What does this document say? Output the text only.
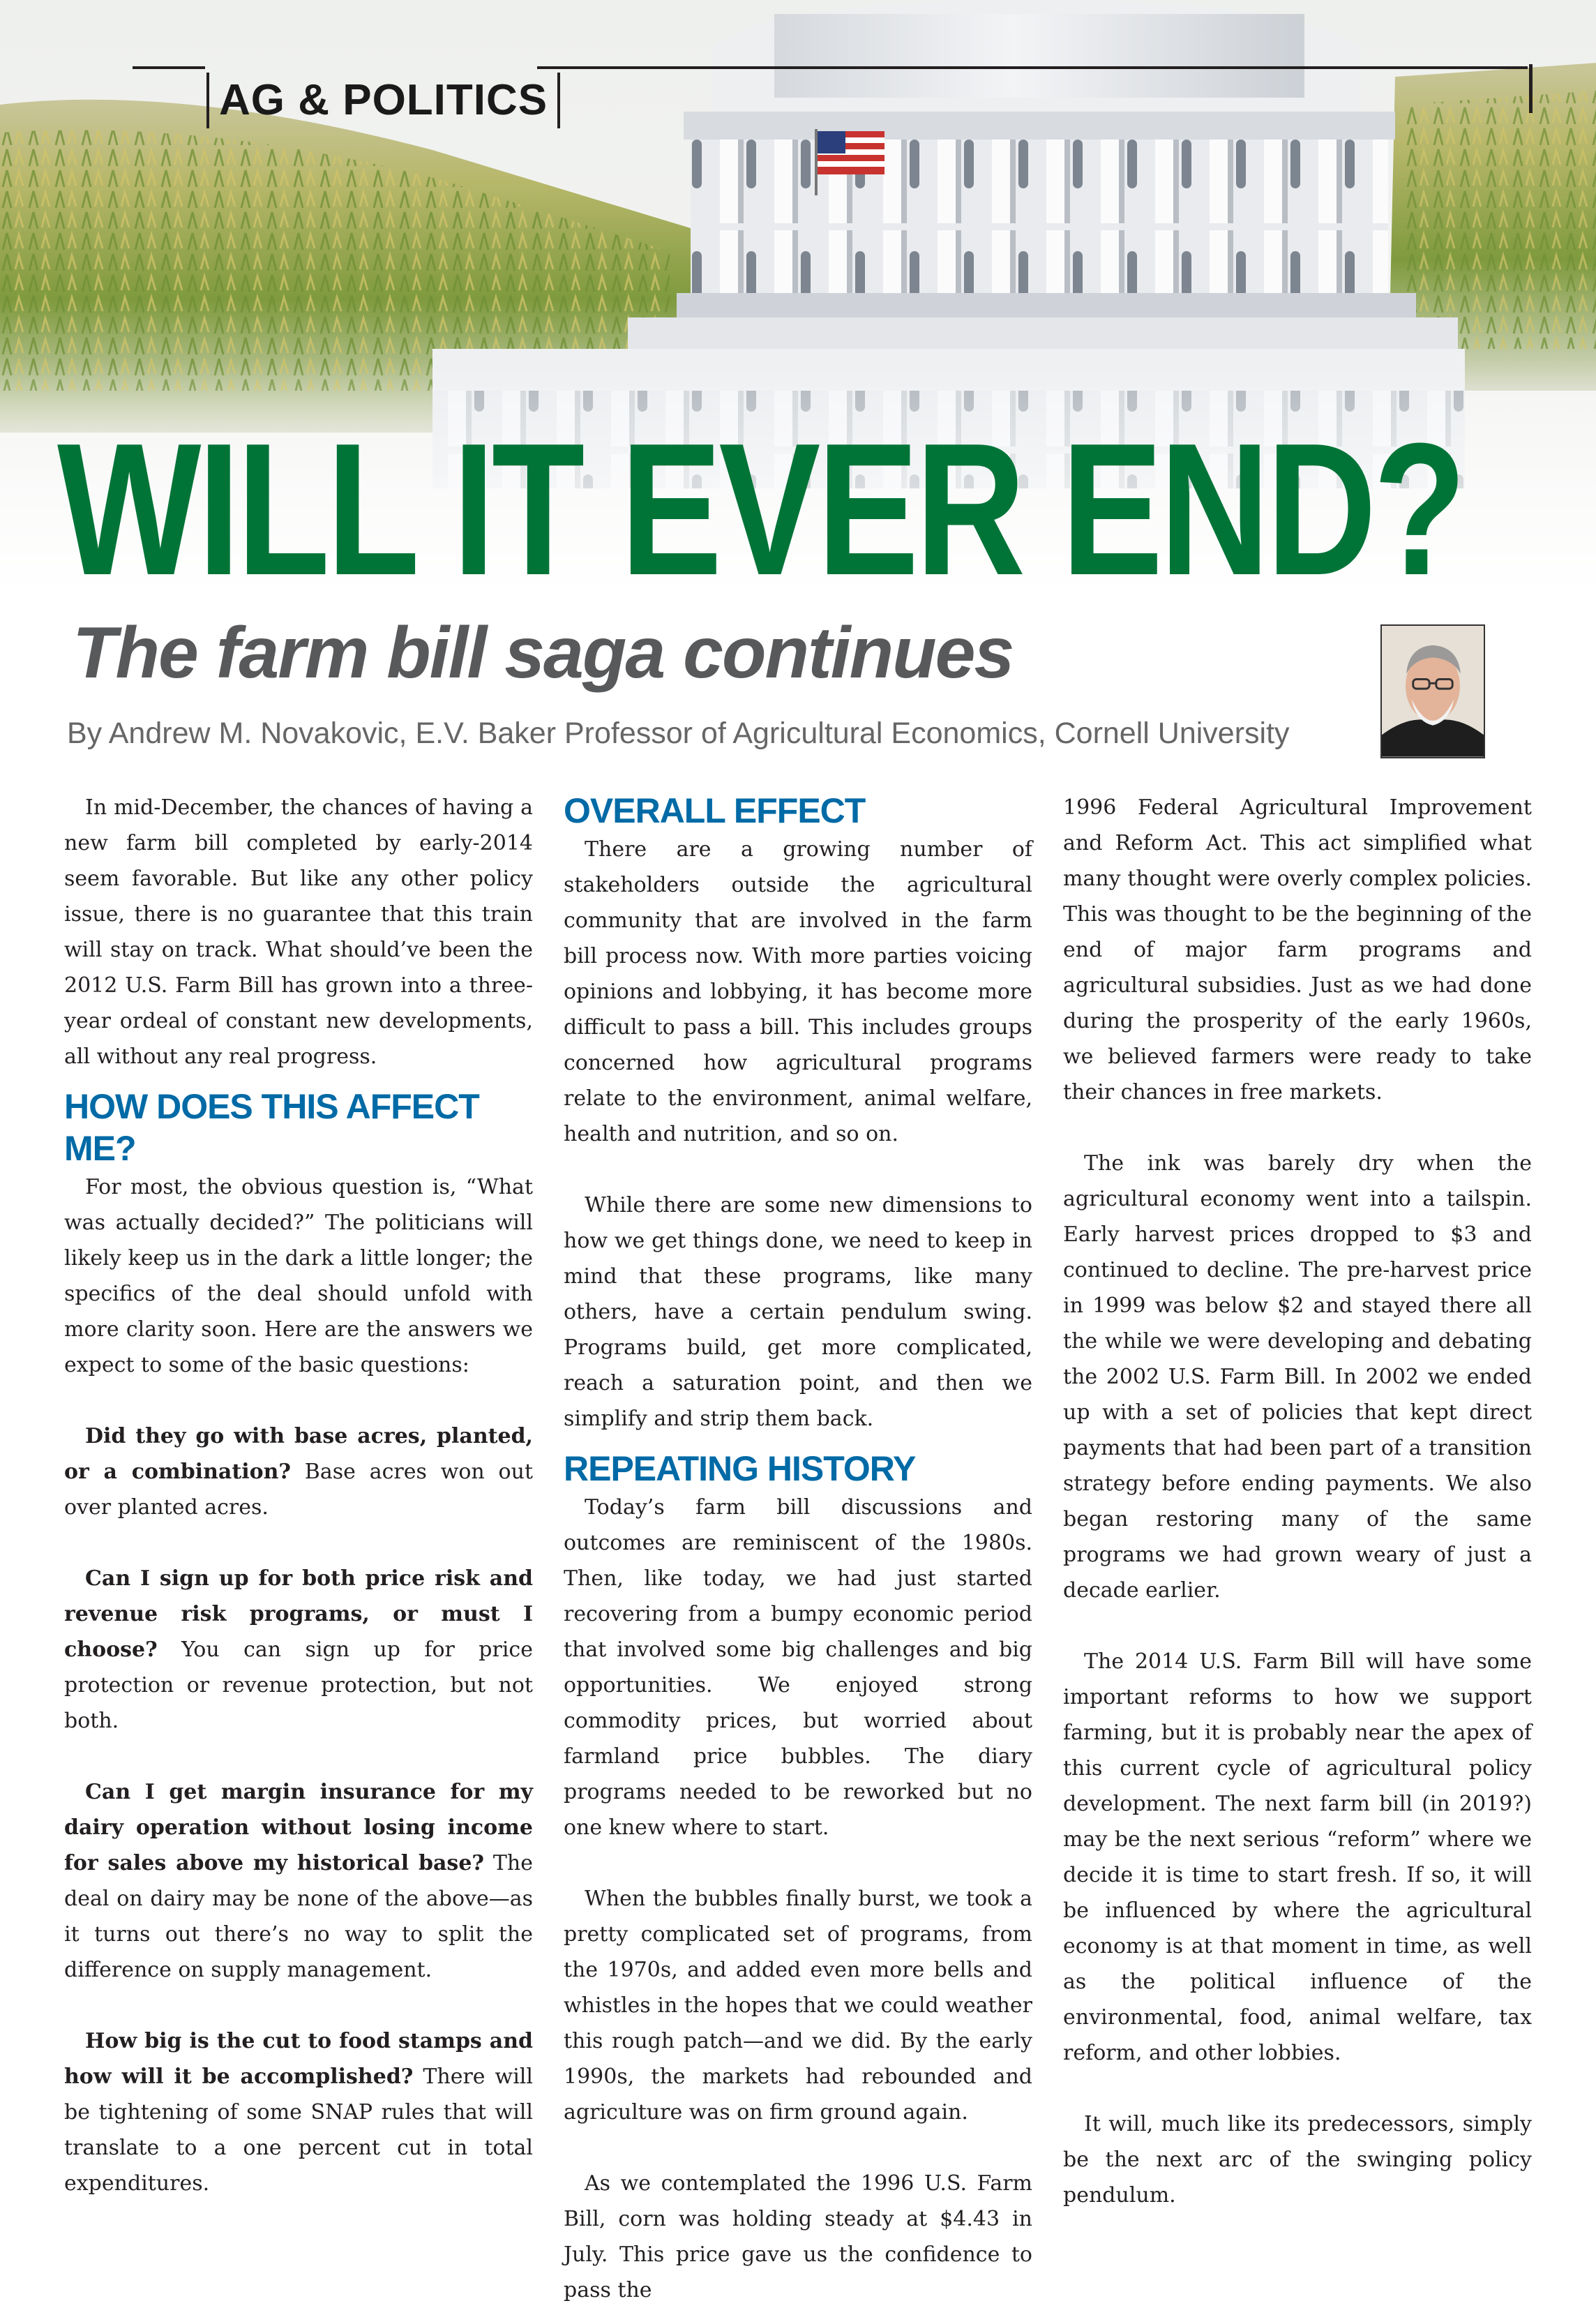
AG & POLITICS
WILL IT EVER END?
The farm bill saga continues

By Andrew M. Novakovic, E.V. Baker Professor of Agricultural Economics, Cornell University

In mid-December, the chances of having a new farm bill completed by early-2014 seem favorable. But like any other policy issue, there is no guarantee that this train will stay on track. What should’ve been the 2012 U.S. Farm Bill has grown into a three-year ordeal of constant new developments, all without any real progress.

HOW DOES THIS AFFECT ME?

For most, the obvious question is, “What was actually decided?” The politicians will likely keep us in the dark a little longer; the specifics of the deal should unfold with more clarity soon. Here are the answers we expect to some of the basic questions:

Did they go with base acres, planted, or a combination? Base acres won out over planted acres.

Can I sign up for both price risk and revenue risk programs, or must I choose? You can sign up for price protection or revenue protection, but not both.

Can I get margin insurance for my dairy operation without losing income for sales above my historical base? The deal on dairy may be none of the above—as it turns out there’s no way to split the difference on supply management.

How big is the cut to food stamps and how will it be accomplished? There will be tightening of some SNAP rules that will translate to a one percent cut in total expenditures.

OVERALL EFFECT

There are a growing number of stakeholders outside the agricultural community that are involved in the farm bill process now. With more parties voicing opinions and lobbying, it has become more difficult to pass a bill. This includes groups concerned how agricultural programs relate to the environment, animal welfare, health and nutrition, and so on.

While there are some new dimensions to how we get things done, we need to keep in mind that these programs, like many others, have a certain pendulum swing. Programs build, get more complicated, reach a saturation point, and then we simplify and strip them back.

REPEATING HISTORY

Today’s farm bill discussions and outcomes are reminiscent of the 1980s. Then, like today, we had just started recovering from a bumpy economic period that involved some big challenges and big opportunities. We enjoyed strong commodity prices, but worried about farmland price bubbles. The diary programs needed to be reworked but no one knew where to start.

When the bubbles finally burst, we took a pretty complicated set of programs, from the 1970s, and added even more bells and whistles in the hopes that we could weather this rough patch—and we did. By the early 1990s, the markets had rebounded and agriculture was on firm ground again.

As we contemplated the 1996 U.S. Farm Bill, corn was holding steady at $4.43 in July. This price gave us the confidence to pass the

1996 Federal Agricultural Improvement and Reform Act. This act simplified what many thought were overly complex policies. This was thought to be the beginning of the end of major farm programs and agricultural subsidies. Just as we had done during the prosperity of the early 1960s, we believed farmers were ready to take their chances in free markets.

The ink was barely dry when the agricultural economy went into a tailspin. Early harvest prices dropped to $3 and continued to decline. The pre-harvest price in 1999 was below $2 and stayed there all the while we were developing and debating the 2002 U.S. Farm Bill. In 2002 we ended up with a set of policies that kept direct payments that had been part of a transition strategy before ending payments. We also began restoring many of the same programs we had grown weary of just a decade earlier.

The 2014 U.S. Farm Bill will have some important reforms to how we support farming, but it is probably near the apex of this current cycle of agricultural policy development. The next farm bill (in 2019?) may be the next serious “reform” where we decide it is time to start fresh. If so, it will be influenced by where the agricultural economy is at that moment in time, as well as the political influence of the environmental, food, animal welfare, tax reform, and other lobbies.

It will, much like its predecessors, simply be the next arc of the swinging policy pendulum.
